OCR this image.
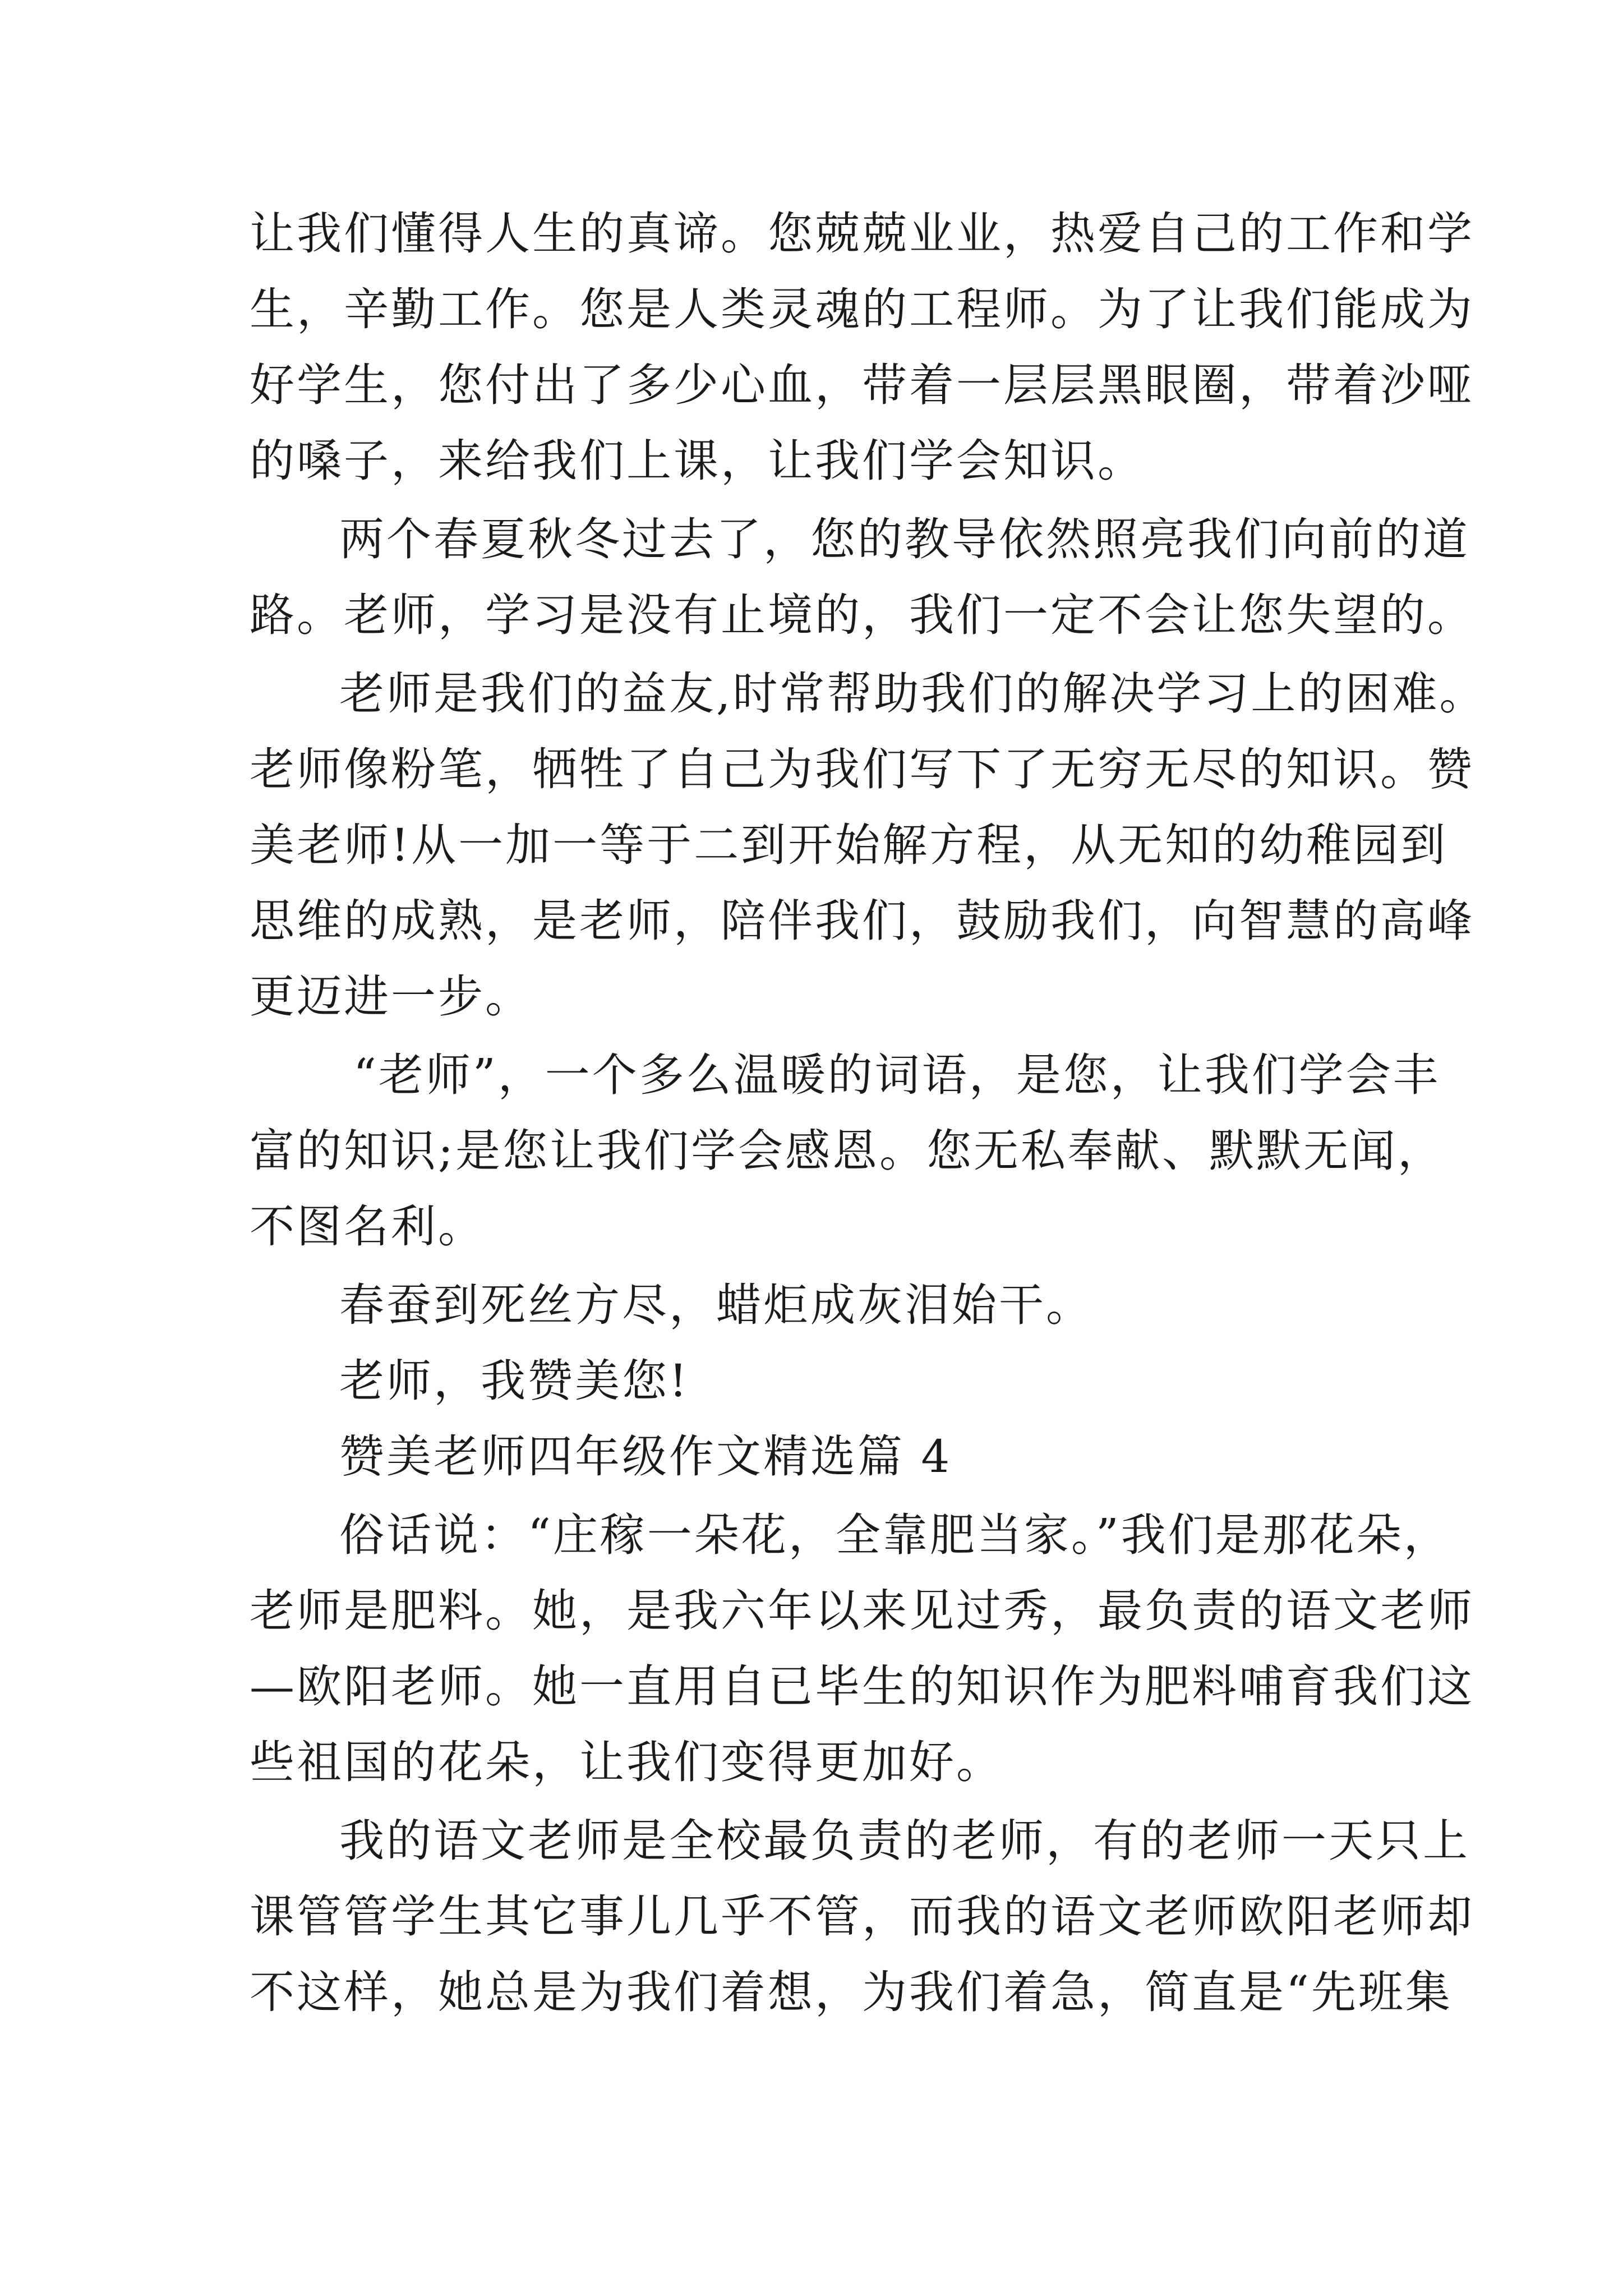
让我们懂得人生的真谛。您兢兢业业，热爱自己的工作和学

生，辛勤工作。您是人类灵魂的工程师。为了让我们能成为

好学生，您付出了多少心血，带着一层层黑眼圈，带着沙哑

的嗓子，来给我们上课，让我们学会知识。

两个春夏秋冬过去了，您的教导依然照亮我们向前的道

路。老师，学习是没有止境的，我们一定不会让您失望的。

老师是我们的益友,时常帮助我们的解决学习上的困难。

老师像粉笔，牺牲了自己为我们写下了无穷无尽的知识。赞

美老师!从一加一等于二到开始解方程，从无知的幼稚园到

思维的成熟，是老师，陪伴我们，鼓励我们，向智慧的高峰

更迈进一步。

“老师”，一个多么温暖的词语，是您，让我们学会丰

富的知识;是您让我们学会感恩。您无私奉献、默默无闻，

不图名利。

春蚕到死丝方尽，蜡炬成灰泪始干。

老师，我赞美您!

赞美老师四年级作文精选篇 4

俗话说：“庄稼一朵花，全靠肥当家。”我们是那花朵，

老师是肥料。她，是我六年以来见过秀，最负责的语文老师

—欧阳老师。她一直用自已毕生的知识作为肥料哺育我们这

些祖国的花朵，让我们变得更加好。

我的语文老师是全校最负责的老师，有的老师一天只上

课管管学生其它事儿几乎不管，而我的语文老师欧阳老师却

不这样，她总是为我们着想，为我们着急，简直是“先班集
